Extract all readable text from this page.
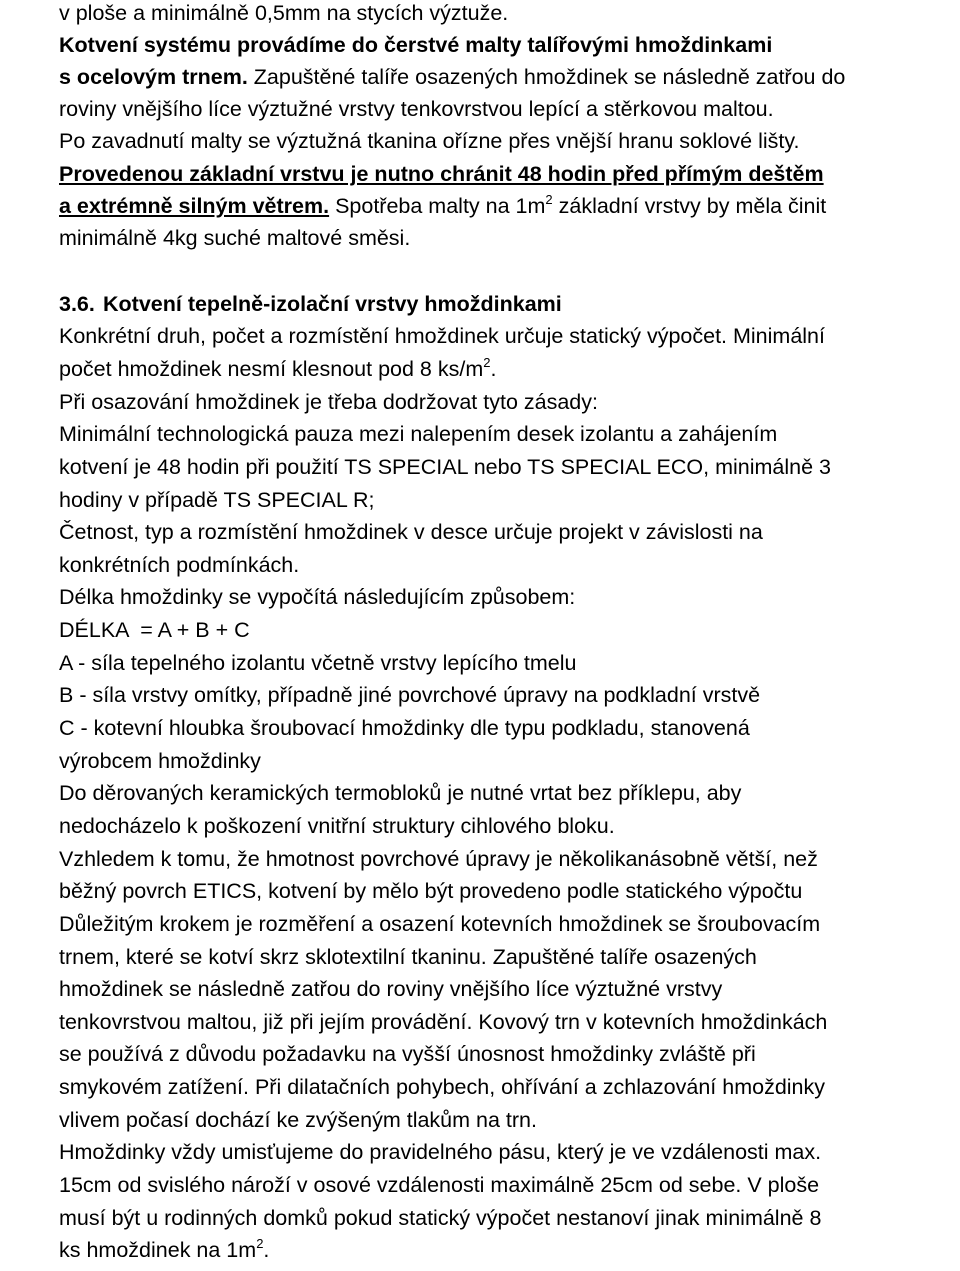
v ploše a minimálně 0,5mm na stycích výztuže.
Kotvení systému provádíme do čerstvé malty talířovými hmoždinkami
s ocelovým trnem. Zapuštěné talíře osazených hmoždinek se následně zatřou do
roviny vnějšího líce výztužné vrstvy tenkovrstvou lepící a stěrkovou maltou.
Po zavadnutí malty se výztužná tkanina ořízne přes vnější hranu soklové lišty.
Provedenou základní vrstvu je nutno chránit 48 hodin před přímým deštěm
a extrémně silným větrem. Spotřeba malty na $1m^2$ základní vrstvy by měla činit
minimálně 4kg suché maltové směsi.
3.6. Kotvení tepelně-izolační vrstvy hmoždinkami
Konkrétní druh, počet a rozmístění hmoždinek určuje statický výpočet. Minimální
počet hmoždinek nesmí klesnout pod 8 $ks/m^2$.
Při osazování hmoždinek je třeba dodržovat tyto zásady:
Minimální technologická pauza mezi nalepením desek izolantu a zahájením
kotvení je 48 hodin při použití TS SPECIAL nebo TS SPECIAL ECO, minimálně 3
hodiny v případě TS SPECIAL R;
Četnost, typ a rozmístění hmoždinek v desce určuje projekt v závislosti na
konkrétních podmínkách.
Délka hmoždinky se vypočítá následujícím způsobem:
DÉLKA  = A + B + C
A - síla tepelného izolantu včetně vrstvy lepícího tmelu
B - síla vrstvy omítky, případně jiné povrchové úpravy na podkladní vrstvě
C - kotevní hloubka šroubovací hmoždinky dle typu podkladu, stanovená
výrobcem hmoždinky
Do děrovaných keramických termobloků je nutné vrtat bez příklepu, aby
nedocházelo k poškození vnitřní struktury cihlového bloku.
Vzhledem k tomu, že hmotnost povrchové úpravy je několikanásobně větší, než
běžný povrch ETICS, kotvení by mělo být provedeno podle statického výpočtu
Důležitým krokem je rozměření a osazení kotevních hmoždinek se šroubovacím
trnem, které se kotví skrz sklotextilní tkaninu. Zapuštěné talíře osazených
hmoždinek se následně zatřou do roviny vnějšího líce výztužné vrstvy
tenkovrstvou maltou, již při jejím provádění. Kovový trn v kotevních hmoždinkách
se používá z důvodu požadavku na vyšší únosnost hmoždinky zvláště při
smykovém zatížení. Při dilatačních pohybech, ohřívání a zchlazování hmoždinky
vlivem počasí dochází ke zvýšeným tlakům na trn.
Hmoždinky vždy umisťujeme do pravidelného pásu, který je ve vzdálenosti max.
15cm od svislého nároží v osové vzdálenosti maximálně 25cm od sebe. V ploše
musí být u rodinných domků pokud statický výpočet nestanoví jinak minimálně 8
ks hmoždinek na $1m^2$.
